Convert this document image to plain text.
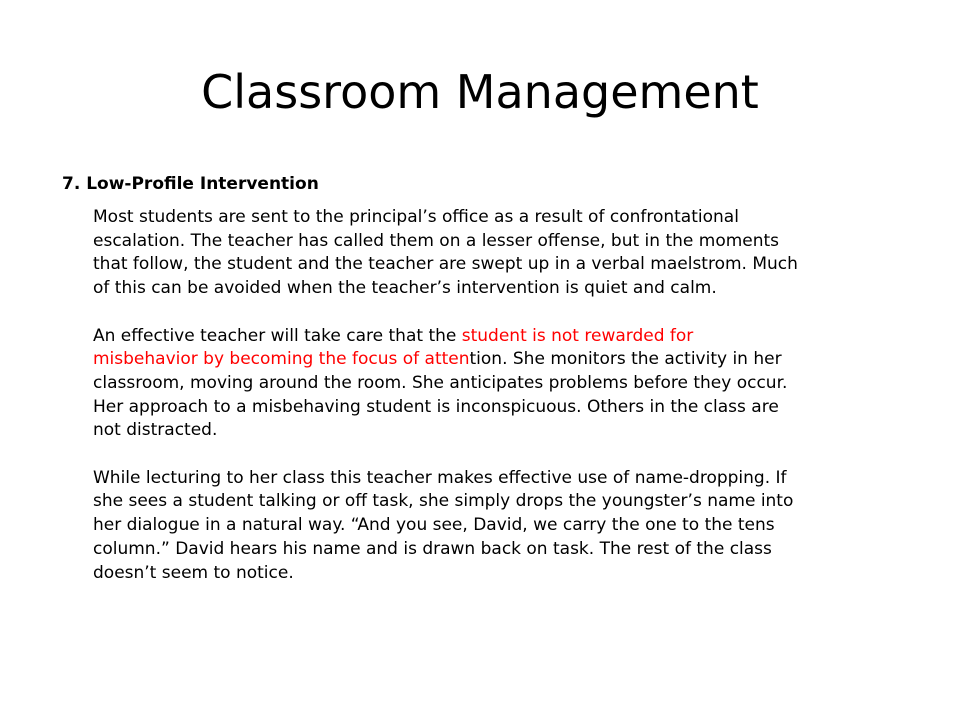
Classroom Management
7. Low-Profile Intervention

Most students are sent to the principal’s office as a result of confrontational
escalation. The teacher has called them on a lesser offense, but in the moments
that follow, the student and the teacher are swept up in a verbal maelstrom. Much
of this can be avoided when the teacher’s intervention is quiet and calm.

An effective teacher will take care that the student is not rewarded for
misbehavior by becoming the focus of attention. She monitors the activity in her
classroom, moving around the room. She anticipates problems before they occur.
Her approach to a misbehaving student is inconspicuous. Others in the class are
not distracted.

While lecturing to her class this teacher makes effective use of name-dropping. If
she sees a student talking or off task, she simply drops the youngster’s name into
her dialogue in a natural way. “And you see, David, we carry the one to the tens
column.” David hears his name and is drawn back on task. The rest of the class
doesn’t seem to notice.
